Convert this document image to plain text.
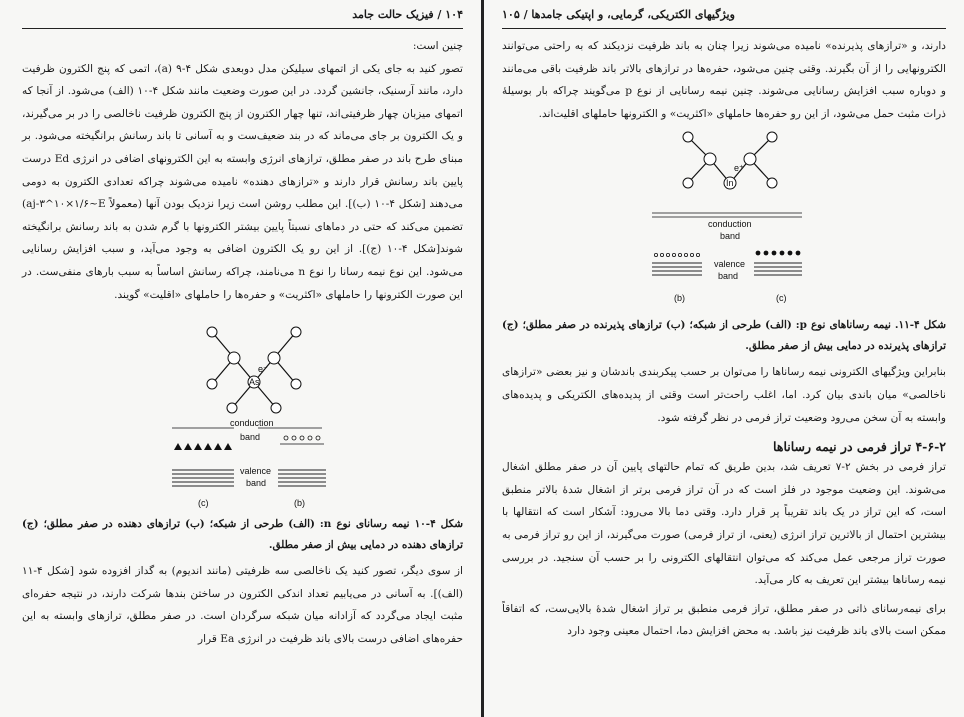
۱۰۴ / فیزیک حالت جامد

چنین است:

تصور کنید به جای یکی از اتمهای سیلیکن مدل دوبعدی شکل ۴-۹ (a)، اتمی که پنج الکترون ظرفیت دارد، مانند آرسنیک، جانشین گردد. در این صورت وضعیت مانند شکل ۴-۱۰ (الف) می‌شود. از آنجا که اتمهای میزبان چهار ظرفیتی‌اند، تنها چهار الکترون از پنج الکترون ظرفیت ناخالصی را در بر می‌گیرند، و یک الکترون بر جای می‌ماند که در بند ضعیف‌ست و به آسانی تا باند رسانش برانگیخته می‌شود. بر مبنای طرح باند در صفر مطلق، ترازهای انرژی وابسته به این الکترونهای اضافی در انرژی Ed درست پایین باند رسانش قرار دارند و «ترازهای دهنده» نامیده می‌شوند چراکه تعدادی الکترون به دومی می‌دهند [شکل ۴-۱۰ (ب)]. این مطلب روشن است زیرا نزدیک بودن آنها (معمولاً aj-۳^۱۰×۱/۶~E) تضمین می‌کند که حتی در دماهای نسبتاً پایین بیشتر الکترونها با گرم شدن به باند رسانش برانگیخته شوند[شکل ۴-۱۰ (ج)]. از این رو یک الکترون اضافی به وجود می‌آید، و سبب افزایش رسانایی می‌شود. این نوع نیمه رسانا را نوع n می‌نامند، چراکه رسانش اساساً به سبب بارهای منفی‌ست. در این صورت الکترونها را حاملهای «اکثریت» و حفره‌ها را حاملهای «اقلیت» گویند.

As
e⁻
conduction
band
valence
band
(c)	(b)

شکل ۴-۱۰ نیمه رسانای نوع n: (الف) طرحی از شبکه؛ (ب) ترازهای دهنده در صفر مطلق؛ (ج) ترازهای دهنده در دمایی بیش از صفر مطلق.

از سوی دیگر، تصور کنید یک ناخالصی سه ظرفیتی (مانند اندیوم) به گداز افزوده شود [شکل ۴-۱۱ (الف)]. به آسانی در می‌یابیم تعداد اندکی الکترون در ساختن بندها شرکت دارند، در نتیجه حفره‌ای مثبت ایجاد می‌گردد که آزادانه میان شبکه سرگردان است. در صفر مطلق، ترازهای وابسته به این حفره‌های اضافی درست بالای باند ظرفیت در انرژی Ea قرار

ویژگیهای الکتریکی، گرمایی، و اپتیکی جامدها / ۱۰۵

دارند، و «ترازهای پذیرنده» نامیده می‌شوند زیرا چنان به باند ظرفیت نزدیکند که به راحتی می‌توانند الکترونهایی را از آن بگیرند. وقتی چنین می‌شود، حفره‌ها در ترازهای بالاتر باند ظرفیت باقی می‌مانند و دوباره سبب افزایش رسانایی می‌شوند. چنین نیمه رسانایی از نوع p می‌گویند چراکه بار بوسیلهٔ ذرات مثبت حمل می‌شود، از این رو حفره‌ها حاملهای «اکثریت» و الکترونها حاملهای اقلیت‌اند.

In
e⁺
conduction
band
valence
band
(b)	(c)

شکل ۴-۱۱. نیمه رساناهای نوع p: (الف) طرحی از شبکه؛ (ب) ترازهای پذیرنده در صفر مطلق؛ (ج) ترازهای پذیرنده در دمایی بیش از صفر مطلق.

بنابراین ویژگیهای الکترونی نیمه رساناها را می‌توان بر حسب پیکربندی باندشان و نیز بعضی «ترازهای ناخالصی» میان باندی بیان کرد. اما، اغلب راحت‌تر است وقتی از پدیده‌های الکتریکی و پدیده‌های وابسته به آن سخن می‌رود وضعیت تراز فرمی در نظر گرفته شود.

۴-۶-۲ تراز فرمی در نیمه رساناها

تراز فرمی در بخش ۲-۷ تعریف شد، بدین طریق که تمام حالتهای پایین آن در صفر مطلق اشغال می‌شوند. این وضعیت موجود در فلز است که در آن تراز فرمی برتر از اشغال شدهٔ بالاتر منطبق است، که این تراز در یک باند تقریباً پر قرار دارد. وقتی دما بالا می‌رود: آشکار است که انتقالها با بیشترین احتمال از بالاترین تراز انرژی (یعنی، از تراز فرمی) صورت می‌گیرند، از این رو تراز فرمی به صورت تراز مرجعی عمل می‌کند که می‌توان انتقالهای الکترونی را بر حسب آن سنجید. در بررسی نیمه رساناها بیشتر این تعریف به کار می‌آید.

برای نیمه‌رسانای ذاتی در صفر مطلق، تراز فرمی منطبق بر تراز اشغال شدهٔ بالایی‌ست، که اتفاقاً ممکن است بالای باند ظرفیت نیز باشد. به محض افزایش دما، احتمال معینی وجود دارد
